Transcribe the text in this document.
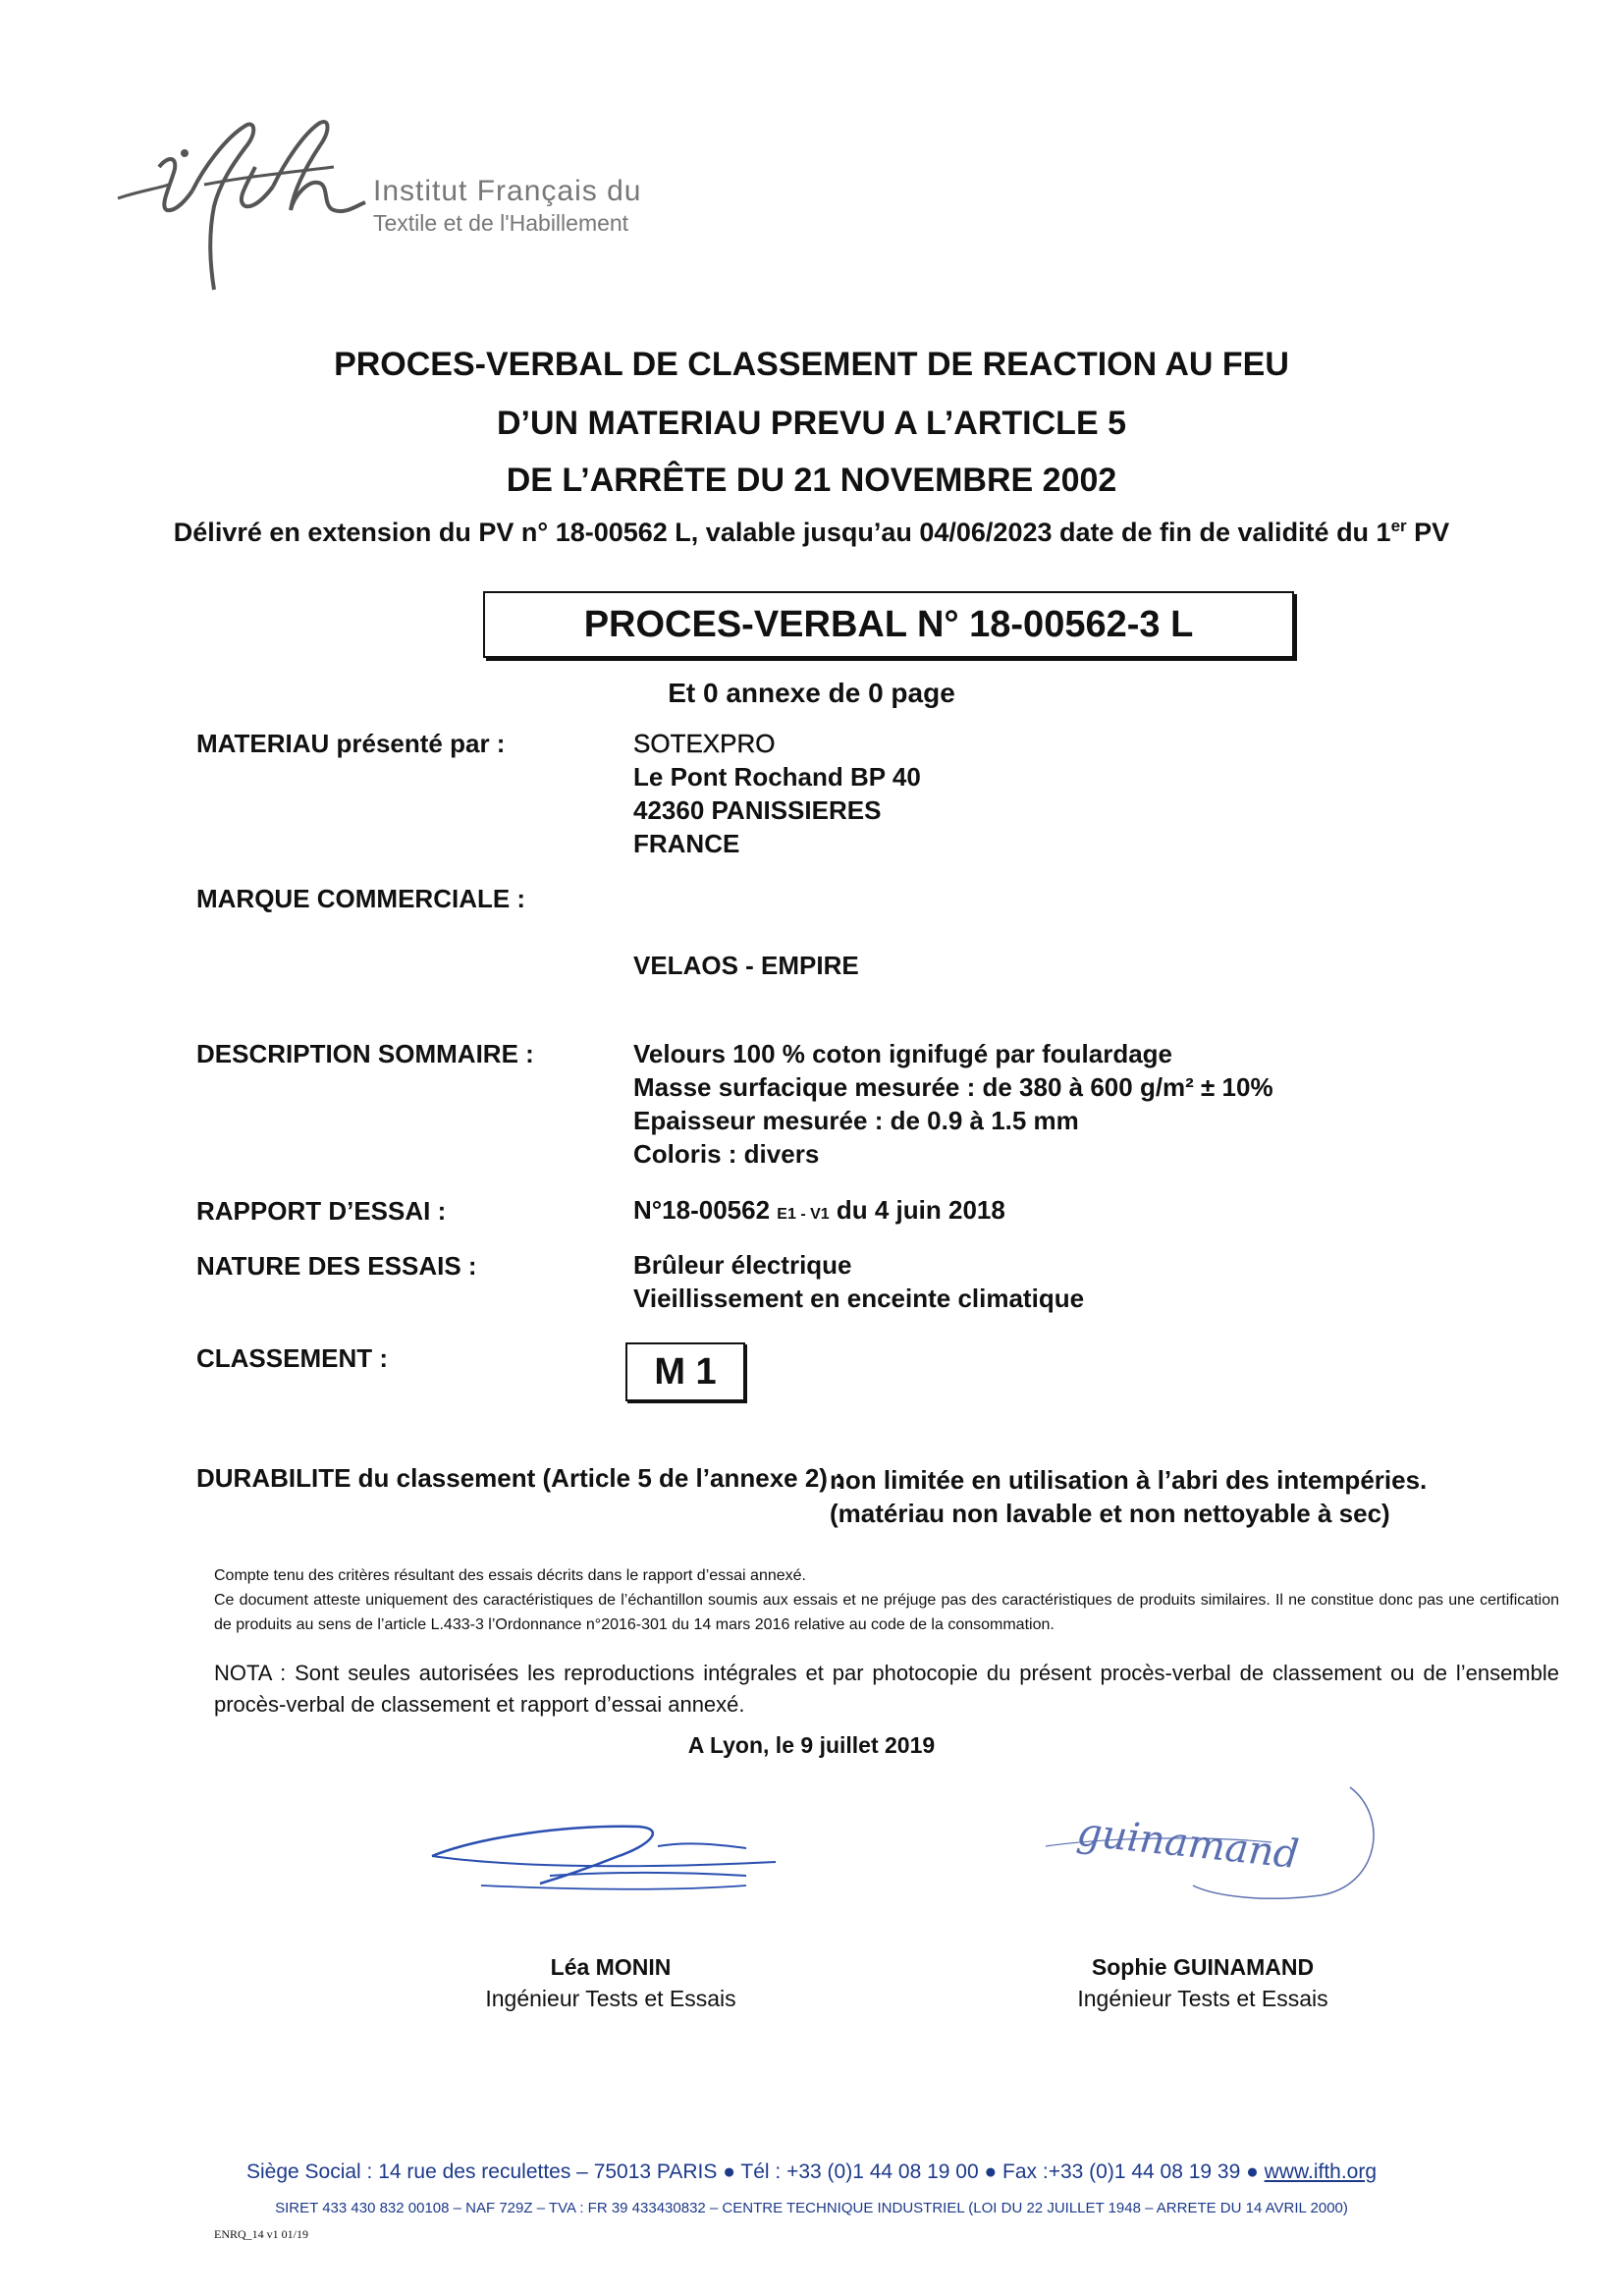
Institut Français du
Textile et de l'Habillement
PROCES-VERBAL DE CLASSEMENT DE REACTION AU FEU
D’UN MATERIAU PREVU A L’ARTICLE 5
DE L’ARRÊTE DU 21 NOVEMBRE 2002
Délivré en extension du PV n° 18-00562 L, valable jusqu’au 04/06/2023 date de fin de validité du 1er PV
PROCES-VERBAL N° 18-00562-3 L
Et 0 annexe de 0 page
MATERIAU présenté par :	SOTEXPRO
Le Pont Rochand BP 40
42360 PANISSIERES
FRANCE
MARQUE COMMERCIALE :
VELAOS - EMPIRE
DESCRIPTION SOMMAIRE :	Velours 100 % coton ignifugé par foulardage
Masse surfacique mesurée : de 380 à 600 g/m² ± 10%
Epaisseur mesurée : de 0.9 à 1.5 mm
Coloris : divers
RAPPORT D’ESSAI :	N°18-00562 E1 - V1 du 4 juin 2018
NATURE DES ESSAIS :	Brûleur électrique
Vieillissement en enceinte climatique
CLASSEMENT :	M 1
DURABILITE du classement (Article 5 de l’annexe 2) :
non limitée en utilisation à l’abri des intempéries.
(matériau non lavable et non nettoyable à sec)
Compte tenu des critères résultant des essais décrits dans le rapport d’essai annexé.
Ce document atteste uniquement des caractéristiques de l’échantillon soumis aux essais et ne préjuge pas des caractéristiques de produits similaires. Il ne constitue donc pas une certification de produits au sens de l’article L.433-3 l’Ordonnance n°2016-301 du 14 mars 2016 relative au code de la consommation.
NOTA : Sont seules autorisées les reproductions intégrales et par photocopie du présent procès-verbal de classement ou de l’ensemble procès-verbal de classement et rapport d’essai annexé.
A Lyon, le 9 juillet 2019
guinamand
Léa MONIN
Ingénieur Tests et Essais
Sophie GUINAMAND
Ingénieur Tests et Essais
Siège Social : 14 rue des reculettes – 75013 PARIS ● Tél : +33 (0)1 44 08 19 00 ● Fax :+33 (0)1 44 08 19 39 ● www.ifth.org
SIRET 433 430 832 00108 – NAF 729Z – TVA : FR 39 433430832 – CENTRE TECHNIQUE INDUSTRIEL (LOI DU 22 JUILLET 1948 – ARRETE DU 14 AVRIL 2000)
ENRQ_14 v1 01/19
